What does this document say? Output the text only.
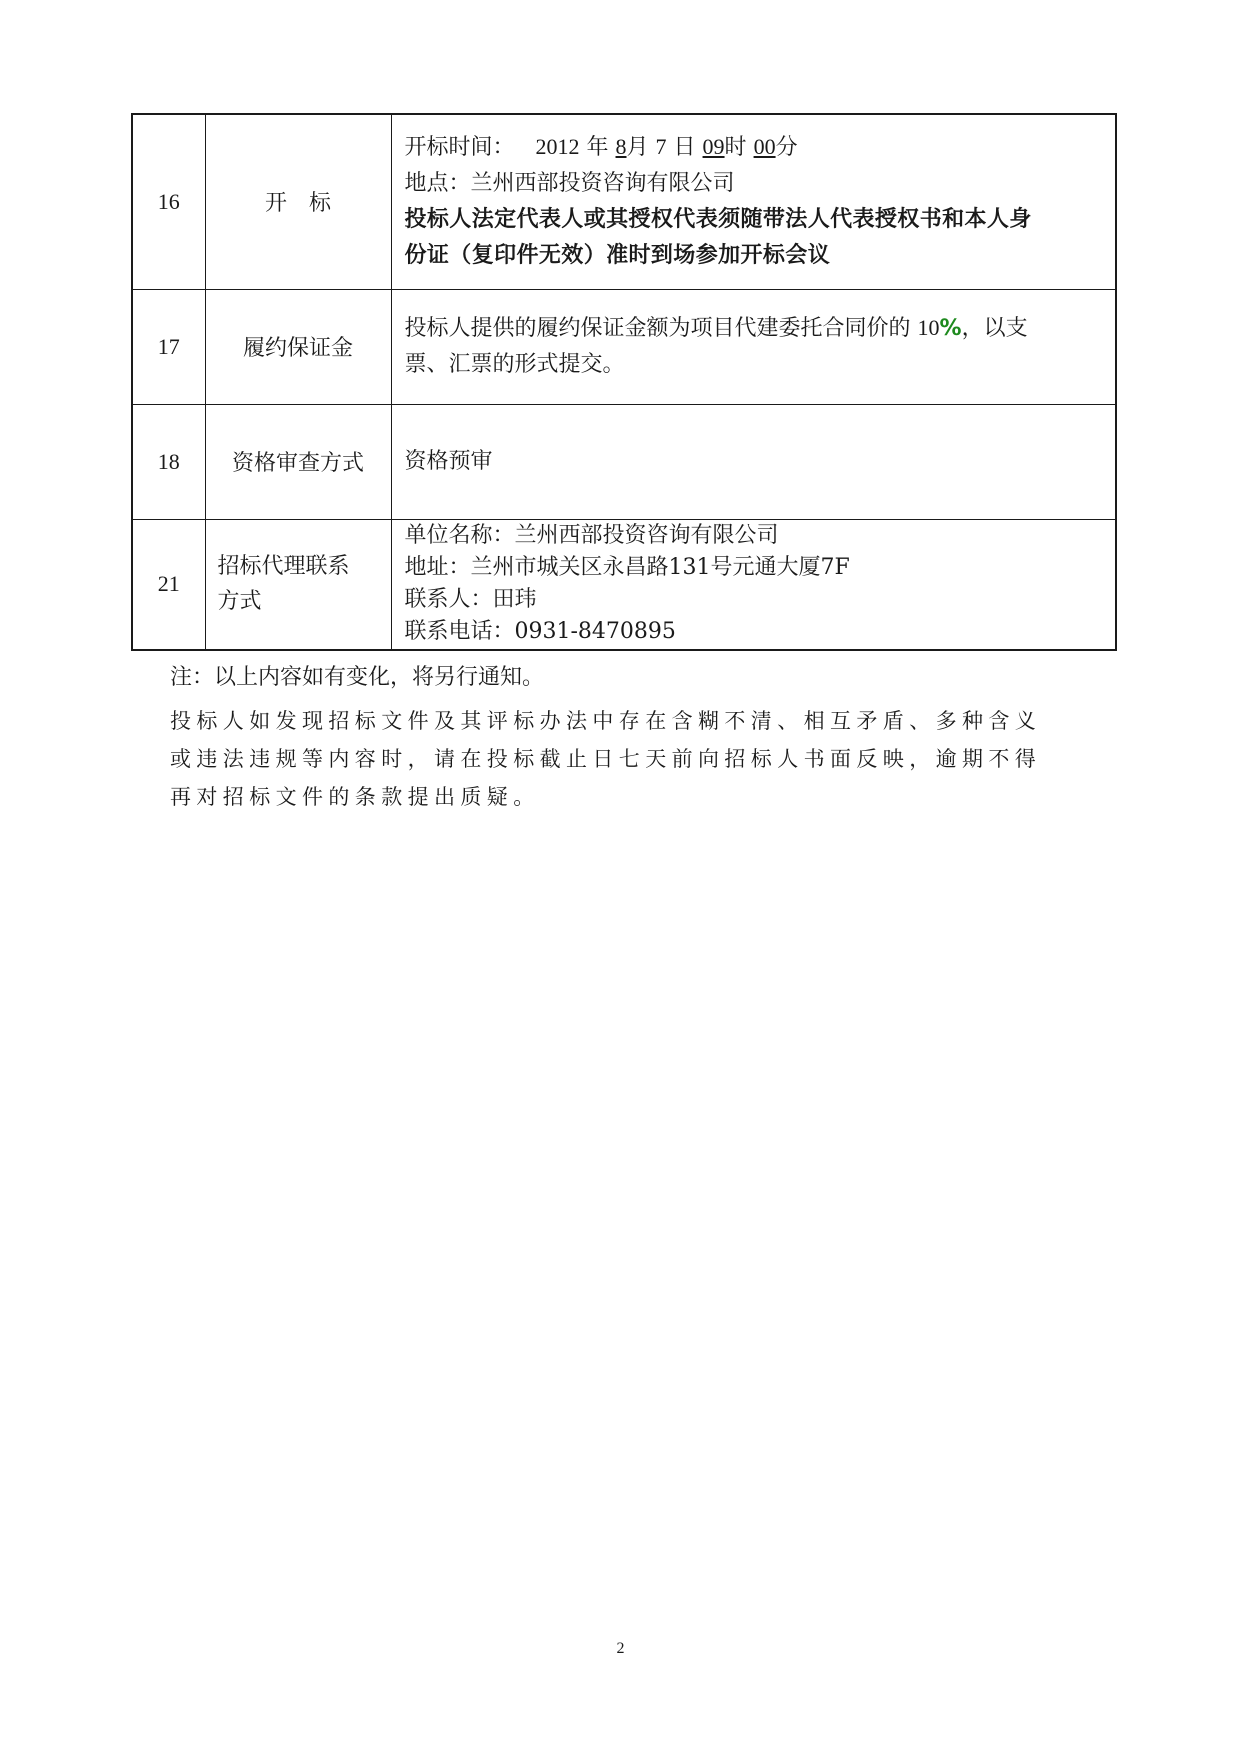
16	开　标	开标时间： 2012 年 8月 7 日 09时 00分
地点：兰州西部投资咨询有限公司
投标人法定代表人或其授权代表须随带法人代表授权书和本人身
份证（复印件无效）准时到场参加开标会议

17	履约保证金	投标人提供的履约保证金额为项目代建委托合同价的 10%，以支
票、汇票的形式提交。

18	资格审查方式	资格预审
21	招标代理联系
方式	单位名称：兰州西部投资咨询有限公司
地址：兰州市城关区永昌路131号元通大厦7F
联系人：田玮
联系电话：0931-8470895
注：以上内容如有变化，将另行通知。
投标人如发现招标文件及其评标办法中存在含糊不清、相互矛盾、多种含义
或违法违规等内容时，请在投标截止日七天前向招标人书面反映，逾期不得
再对招标文件的条款提出质疑。
2
